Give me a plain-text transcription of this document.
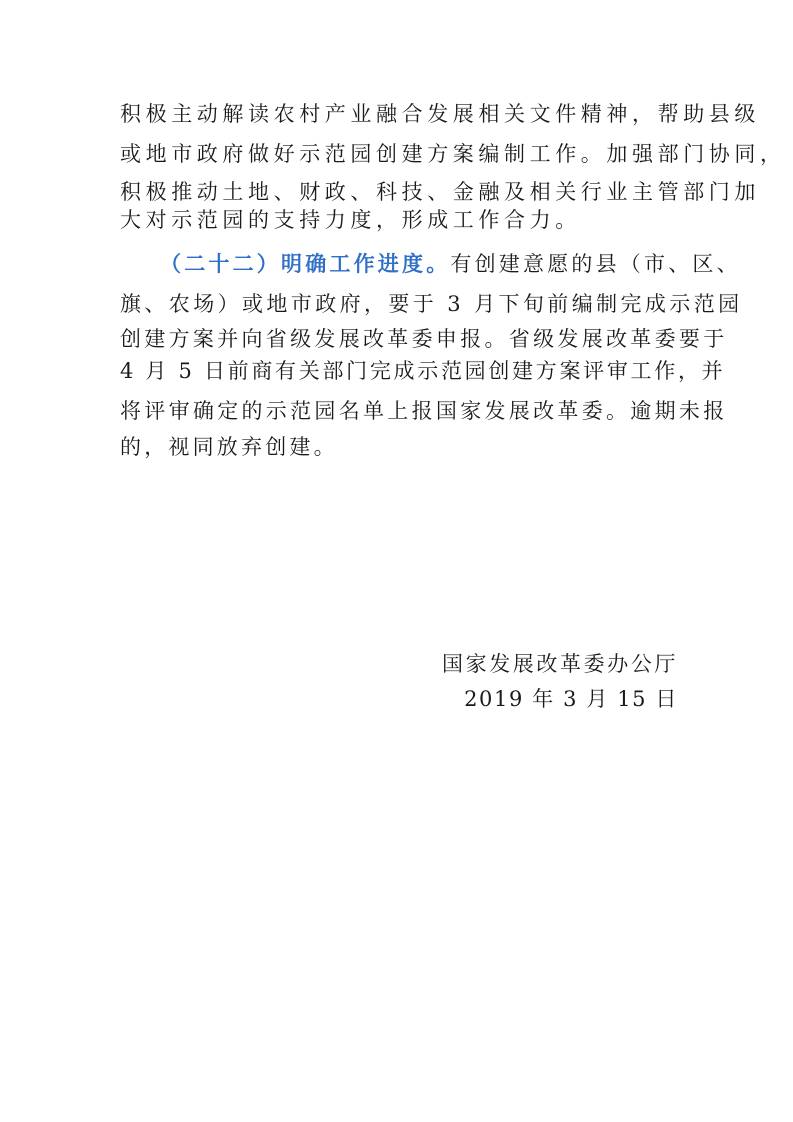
积极主动解读农村产业融合发展相关文件精神，帮助县级
或地市政府做好示范园创建方案编制工作。加强部门协同，
积极推动土地、财政、科技、金融及相关行业主管部门加
大对示范园的支持力度，形成工作合力。
（二十二）明确工作进度。有创建意愿的县（市、区、
旗、农场）或地市政府，要于 3 月下旬前编制完成示范园
创建方案并向省级发展改革委申报。省级发展改革委要于
4 月 5 日前商有关部门完成示范园创建方案评审工作，并
将评审确定的示范园名单上报国家发展改革委。逾期未报
的，视同放弃创建。
国家发展改革委办公厅
2019 年 3 月 15 日
